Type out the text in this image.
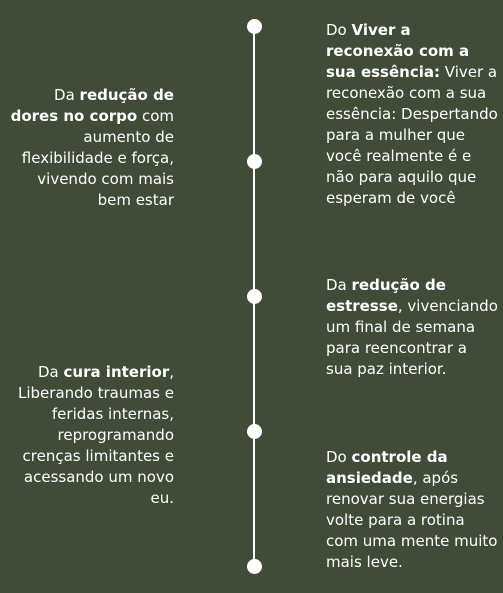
Do Viver a reconexão com a sua essência: Viver a reconexão com a sua essência: Despertando para a mulher que você realmente é e não para aquilo que esperam de você
Da redução de dores no corpo com aumento de flexibilidade e força, vivendo com mais bem estar
Da redução de estresse, vivenciando um final de semana para reencontrar a sua paz interior.
Da cura interior, Liberando traumas e feridas internas, reprogramando crenças limitantes e acessando um novo eu.
Do controle da ansiedade, após renovar sua energias volte para a rotina com uma mente muito mais leve.
